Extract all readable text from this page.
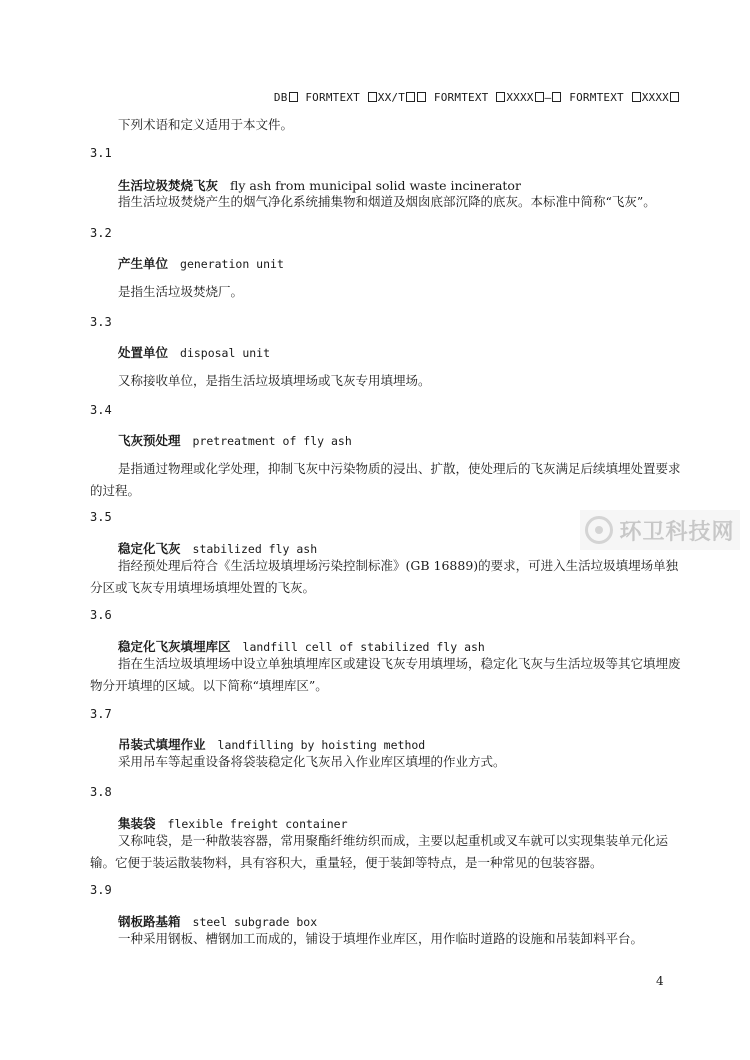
DB FORMTEXT XX/T	FORMTEXT XXXX — FORMTEXT XXXX
下列术语和定义适用于本文件。
3.1
生活垃圾焚烧飞灰 fly ash from municipal solid waste incinerator
指生活垃圾焚烧产生的烟气净化系统捕集物和烟道及烟囱底部沉降的底灰。本标准中简称“飞灰”。
3.2
产生单位 generation unit
是指生活垃圾焚烧厂。
3.3
处置单位 disposal unit
又称接收单位，是指生活垃圾填埋场或飞灰专用填埋场。
3.4
飞灰预处理 pretreatment of fly ash
是指通过物理或化学处理，抑制飞灰中污染物质的浸出、扩散，使处理后的飞灰满足后续填埋处置要求的过程。
3.5
稳定化飞灰 stabilized fly ash
指经预处理后符合《生活垃圾填埋场污染控制标准》(GB 16889)的要求，可进入生活垃圾填埋场单独分区或飞灰专用填埋场填埋处置的飞灰。
3.6
稳定化飞灰填埋库区 landfill cell of stabilized fly ash
指在生活垃圾填埋场中设立单独填埋库区或建设飞灰专用填埋场，稳定化飞灰与生活垃圾等其它填埋废物分开填埋的区域。以下简称“填埋库区”。
3.7
吊装式填埋作业 landfilling by hoisting method
采用吊车等起重设备将袋装稳定化飞灰吊入作业库区填埋的作业方式。
3.8
集装袋 flexible freight container
又称吨袋，是一种散装容器，常用聚酯纤维纺织而成，主要以起重机或叉车就可以实现集装单元化运输。它便于装运散装物料，具有容积大，重量轻，便于装卸等特点，是一种常见的包装容器。
3.9
钢板路基箱 steel subgrade box
一种采用钢板、槽钢加工而成的，铺设于填埋作业库区，用作临时道路的设施和吊装卸料平台。
环卫科技网
4
